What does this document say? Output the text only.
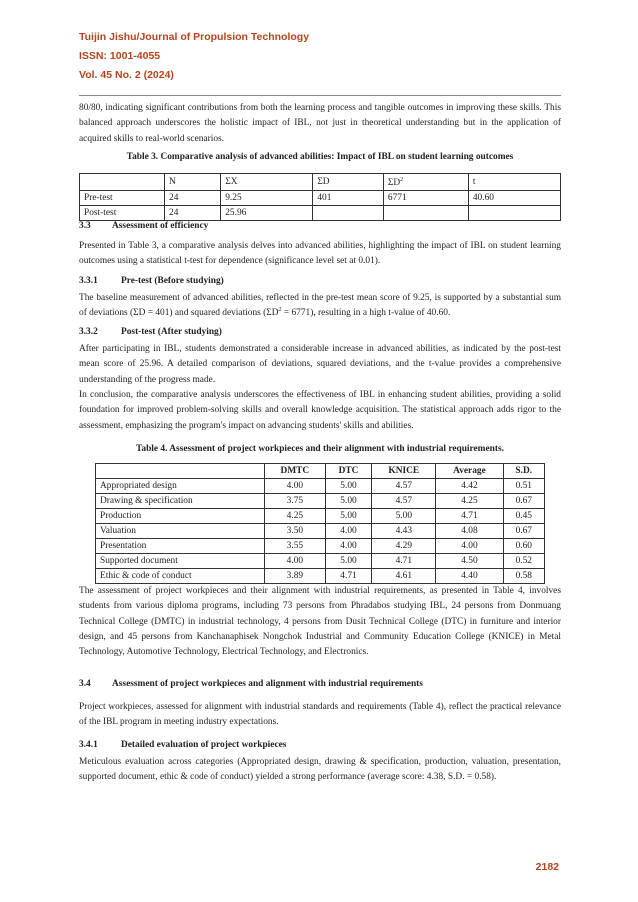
Tuijin Jishu/Journal of Propulsion Technology
ISSN: 1001-4055
Vol. 45 No. 2 (2024)

80/80, indicating significant contributions from both the learning process and tangible outcomes in improving these skills. This balanced approach underscores the holistic impact of IBL, not just in theoretical understanding but in the application of acquired skills to real-world scenarios.

Table 3. Comparative analysis of advanced abilities: Impact of IBL on student learning outcomes

	N	ΣX	ΣD	$\Sigma D^2$	t
Pre-test	24	9.25	401	6771	40.60
Post-test	24	25.96			

3.3 Assessment of efficiency

Presented in Table 3, a comparative analysis delves into advanced abilities, highlighting the impact of IBL on student learning outcomes using a statistical t-test for dependence (significance level set at 0.01).

3.3.1 Pre-test (Before studying)

The baseline measurement of advanced abilities, reflected in the pre-test mean score of 9.25, is supported by a substantial sum of deviations (ΣD = 401) and squared deviations $(\Sigma D^2 = 6771)$, resulting in a high t-value of 40.60.

3.3.2 Post-test (After studying)

After participating in IBL, students demonstrated a considerable increase in advanced abilities, as indicated by the post-test mean score of 25.96. A detailed comparison of deviations, squared deviations, and the t-value provides a comprehensive understanding of the progress made.

In conclusion, the comparative analysis underscores the effectiveness of IBL in enhancing student abilities, providing a solid foundation for improved problem-solving skills and overall knowledge acquisition. The statistical approach adds rigor to the assessment, emphasizing the program's impact on advancing students' skills and abilities.

Table 4. Assessment of project workpieces and their alignment with industrial requirements.

	DMTC	DTC	KNICE	Average	S.D.
Appropriated design	4.00	5.00	4.57	4.42	0.51
Drawing & specification	3.75	5.00	4.57	4.25	0.67
Production	4.25	5.00	5.00	4.71	0.45
Valuation	3.50	4.00	4.43	4.08	0.67
Presentation	3.55	4.00	4.29	4.00	0.60
Supported document	4.00	5.00	4.71	4.50	0.52
Ethic & code of conduct	3.89	4.71	4.61	4.40	0.58

The assessment of project workpieces and their alignment with industrial requirements, as presented in Table 4, involves students from various diploma programs, including 73 persons from Phradabos studying IBL, 24 persons from Donmuang Technical College (DMTC) in industrial technology, 4 persons from Dusit Technical College (DTC) in furniture and interior design, and 45 persons from Kanchanaphisek Nongchok Industrial and Community Education College (KNICE) in Metal Technology, Automotive Technology, Electrical Technology, and Electronics.

3.4 Assessment of project workpieces and alignment with industrial requirements

Project workpieces, assessed for alignment with industrial standards and requirements (Table 4), reflect the practical relevance of the IBL program in meeting industry expectations.

3.4.1 Detailed evaluation of project workpieces

Meticulous evaluation across categories (Appropriated design, drawing & specification, production, valuation, presentation, supported document, ethic & code of conduct) yielded a strong performance (average score: 4.38, S.D. = 0.58).

2182
